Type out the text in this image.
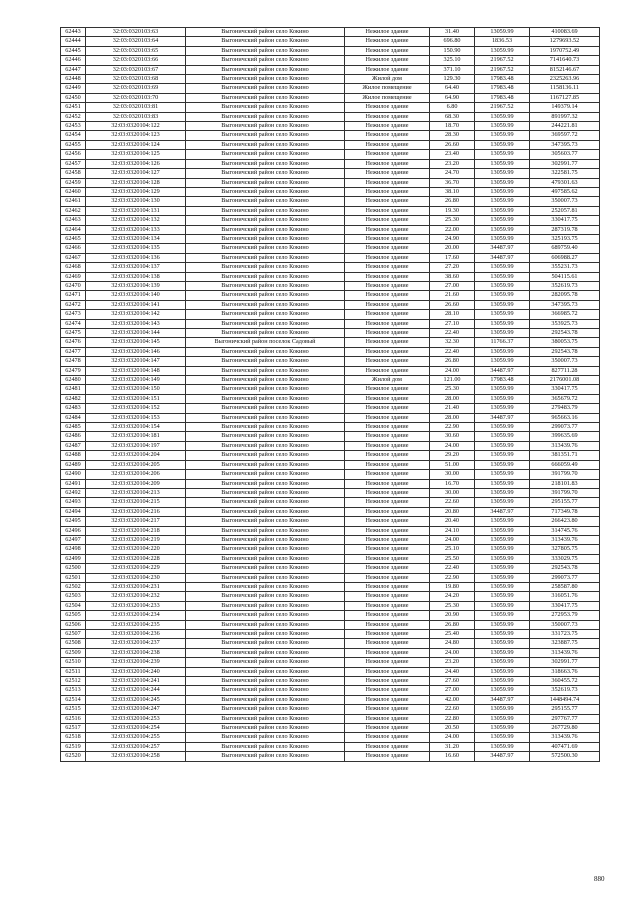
62443	32:03:0320103:63	Выгоничский район село Кокино	Нежилое здание	31.40	13059.99	410083.69
62444	32:03:0320103:64	Выгоничский район село Кокино	Нежилое здание	696.80	1836.53	1279693.52
62445	32:03:0320103:65	Выгоничский район село Кокино	Нежилое здание	150.90	13059.99	1970752.49
62446	32:03:0320103:66	Выгоничский район село Кокино	Нежилое здание	325.10	21967.52	7141640.73
62447	32:03:0320103:67	Выгоничский район село Кокино	Нежилое здание	371.10	21967.52	8152146.67
62448	32:03:0320103:68	Выгоничский район село Кокино	Жилой дом	129.30	17983.48	2325263.96
62449	32:03:0320103:69	Выгоничский район село Кокино	Жилое помещение	64.40	17983.48	1158136.11
62450	32:03:0320103:70	Выгоничский район село Кокино	Жилое помещение	64.90	17983.48	1167127.85
62451	32:03:0320103:81	Выгоничский район село Кокино	Нежилое здание	6.80	21967.52	149379.14
62452	32:03:0320103:83	Выгоничский район село Кокино	Нежилое здание	68.30	13059.99	891997.32
62453	32:03:0320104:122	Выгоничский район село Кокино	Нежилое здание	18.70	13059.99	244221.81
62454	32:03:0320104:123	Выгоничский район село Кокино	Нежилое здание	28.30	13059.99	369597.72
62455	32:03:0320104:124	Выгоничский район село Кокино	Нежилое здание	26.60	13059.99	347395.73
62456	32:03:0320104:125	Выгоничский район село Кокино	Нежилое здание	23.40	13059.99	305603.77
62457	32:03:0320104:126	Выгоничский район село Кокино	Нежилое здание	23.20	13059.99	302991.77
62458	32:03:0320104:127	Выгоничский район село Кокино	Нежилое здание	24.70	13059.99	322581.75
62459	32:03:0320104:128	Выгоничский район село Кокино	Нежилое здание	36.70	13059.99	479301.63
62460	32:03:0320104:129	Выгоничский район село Кокино	Нежилое здание	38.10	13059.99	497585.62
62461	32:03:0320104:130	Выгоничский район село Кокино	Нежилое здание	26.80	13059.99	350007.73
62462	32:03:0320104:131	Выгоничский район село Кокино	Нежилое здание	19.30	13059.99	252057.81
62463	32:03:0320104:132	Выгоничский район село Кокино	Нежилое здание	25.30	13059.99	330417.75
62464	32:03:0320104:133	Выгоничский район село Кокино	Нежилое здание	22.00	13059.99	287319.78
62465	32:03:0320104:134	Выгоничский район село Кокино	Нежилое здание	24.90	13059.99	325193.75
62466	32:03:0320104:135	Выгоничский район село Кокино	Нежилое здание	20.00	34487.97	689759.40
62467	32:03:0320104:136	Выгоничский район село Кокино	Нежилое здание	17.60	34487.97	606988.27
62468	32:03:0320104:137	Выгоничский район село Кокино	Нежилое здание	27.20	13059.99	355231.73
62469	32:03:0320104:138	Выгоничский район село Кокино	Нежилое здание	38.60	13059.99	504115.61
62470	32:03:0320104:139	Выгоничский район село Кокино	Нежилое здание	27.00	13059.99	352619.73
62471	32:03:0320104:140	Выгоничский район село Кокино	Нежилое здание	21.60	13059.99	282095.78
62472	32:03:0320104:141	Выгоничский район село Кокино	Нежилое здание	26.60	13059.99	347395.73
62473	32:03:0320104:142	Выгоничский район село Кокино	Нежилое здание	28.10	13059.99	366985.72
62474	32:03:0320104:143	Выгоничский район село Кокино	Нежилое здание	27.10	13059.99	353925.73
62475	32:03:0320104:144	Выгоничский район село Кокино	Нежилое здание	22.40	13059.99	292543.78
62476	32:03:0320104:145	Выгоничский район поселок Садовый	Нежилое здание	32.30	11766.37	380053.75
62477	32:03:0320104:146	Выгоничский район село Кокино	Нежилое здание	22.40	13059.99	292543.78
62478	32:03:0320104:147	Выгоничский район село Кокино	Нежилое здание	26.80	13059.99	350007.73
62479	32:03:0320104:148	Выгоничский район село Кокино	Нежилое здание	24.00	34487.97	827711.28
62480	32:03:0320104:149	Выгоничский район село Кокино	Жилой дом	121.00	17983.48	2176001.08
62481	32:03:0320104:150	Выгоничский район село Кокино	Нежилое здание	25.30	13059.99	330417.75
62482	32:03:0320104:151	Выгоничский район село Кокино	Нежилое здание	28.00	13059.99	365679.72
62483	32:03:0320104:152	Выгоничский район село Кокино	Нежилое здание	21.40	13059.99	279483.79
62484	32:03:0320104:153	Выгоничский район село Кокино	Нежилое здание	28.00	34487.97	965663.16
62485	32:03:0320104:154	Выгоничский район село Кокино	Нежилое здание	22.90	13059.99	299073.77
62486	32:03:0320104:181	Выгоничский район село Кокино	Нежилое здание	30.60	13059.99	399635.69
62487	32:03:0320104:197	Выгоничский район село Кокино	Нежилое здание	24.00	13059.99	313439.76
62488	32:03:0320104:204	Выгоничский район село Кокино	Нежилое здание	29.20	13059.99	381351.71
62489	32:03:0320104:205	Выгоничский район село Кокино	Нежилое здание	51.00	13059.99	666059.49
62490	32:03:0320104:206	Выгоничский район село Кокино	Нежилое здание	30.00	13059.99	391799.70
62491	32:03:0320104:209	Выгоничский район село Кокино	Нежилое здание	16.70	13059.99	218101.83
62492	32:03:0320104:213	Выгоничский район село Кокино	Нежилое здание	30.00	13059.99	391799.70
62493	32:03:0320104:215	Выгоничский район село Кокино	Нежилое здание	22.60	13059.99	295155.77
62494	32:03:0320104:216	Выгоничский район село Кокино	Нежилое здание	20.80	34487.97	717349.78
62495	32:03:0320104:217	Выгоничский район село Кокино	Нежилое здание	20.40	13059.99	266423.80
62496	32:03:0320104:218	Выгоничский район село Кокино	Нежилое здание	24.10	13059.99	314745.76
62497	32:03:0320104:219	Выгоничский район село Кокино	Нежилое здание	24.00	13059.99	313439.76
62498	32:03:0320104:220	Выгоничский район село Кокино	Нежилое здание	25.10	13059.99	327805.75
62499	32:03:0320104:228	Выгоничский район село Кокино	Нежилое здание	25.50	13059.99	333029.75
62500	32:03:0320104:229	Выгоничский район село Кокино	Нежилое здание	22.40	13059.99	292543.78
62501	32:03:0320104:230	Выгоничский район село Кокино	Нежилое здание	22.90	13059.99	299073.77
62502	32:03:0320104:231	Выгоничский район село Кокино	Нежилое здание	19.80	13059.99	258587.80
62503	32:03:0320104:232	Выгоничский район село Кокино	Нежилое здание	24.20	13059.99	316051.76
62504	32:03:0320104:233	Выгоничский район село Кокино	Нежилое здание	25.30	13059.99	330417.75
62505	32:03:0320104:234	Выгоничский район село Кокино	Нежилое здание	20.90	13059.99	272953.79
62506	32:03:0320104:235	Выгоничский район село Кокино	Нежилое здание	26.80	13059.99	350007.73
62507	32:03:0320104:236	Выгоничский район село Кокино	Нежилое здание	25.40	13059.99	331723.75
62508	32:03:0320104:237	Выгоничский район село Кокино	Нежилое здание	24.80	13059.99	323887.75
62509	32:03:0320104:238	Выгоничский район село Кокино	Нежилое здание	24.00	13059.99	313439.76
62510	32:03:0320104:239	Выгоничский район село Кокино	Нежилое здание	23.20	13059.99	302991.77
62511	32:03:0320104:240	Выгоничский район село Кокино	Нежилое здание	24.40	13059.99	318663.76
62512	32:03:0320104:241	Выгоничский район село Кокино	Нежилое здание	27.60	13059.99	360455.72
62513	32:03:0320104:244	Выгоничский район село Кокино	Нежилое здание	27.00	13059.99	352619.73
62514	32:03:0320104:245	Выгоничский район село Кокино	Нежилое здание	42.00	34487.97	1448494.74
62515	32:03:0320104:247	Выгоничский район село Кокино	Нежилое здание	22.60	13059.99	295155.77
62516	32:03:0320104:253	Выгоничский район село Кокино	Нежилое здание	22.80	13059.99	297767.77
62517	32:03:0320104:254	Выгоничский район село Кокино	Нежилое здание	20.50	13059.99	267729.80
62518	32:03:0320104:255	Выгоничский район село Кокино	Нежилое здание	24.00	13059.99	313439.76
62519	32:03:0320104:257	Выгоничский район село Кокино	Нежилое здание	31.20	13059.99	407471.69
62520	32:03:0320104:258	Выгоничский район село Кокино	Нежилое здание	16.60	34487.97	572500.30
880
